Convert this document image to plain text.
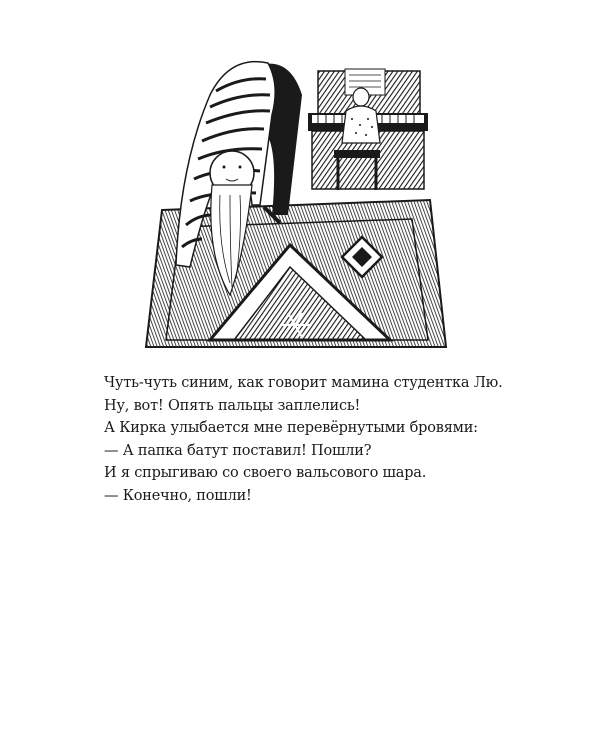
Чуть-чуть синим, как говорит мамина студентка Лю.
Ну, вот! Опять пальцы заплелись!
А Кирка улыбается мне перевёрнутыми бровями:
— А папка батут поставил! Пошли?
И я спрыгиваю со своего вальсового шара.
— Конечно, пошли!
